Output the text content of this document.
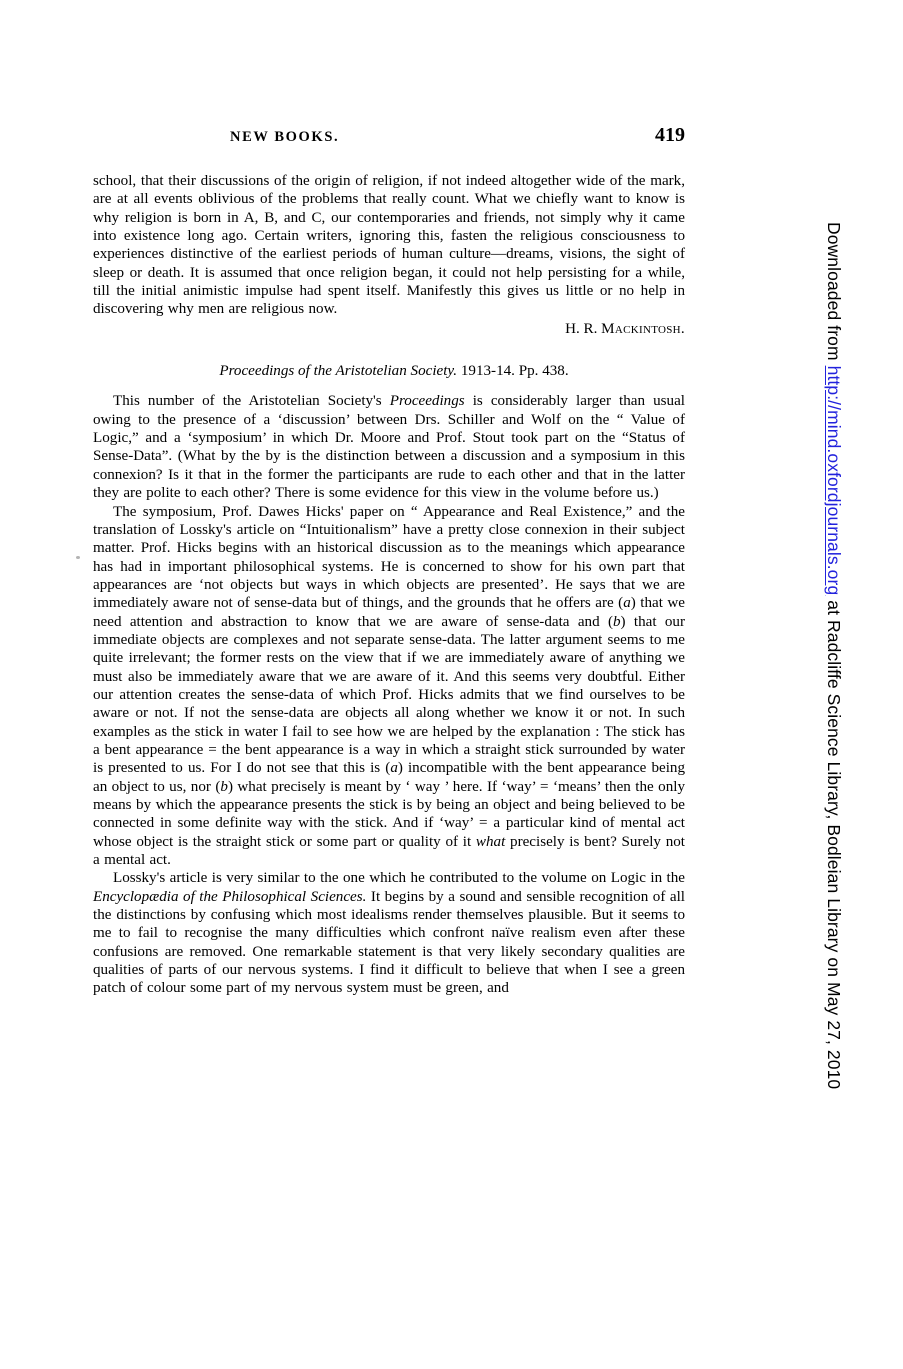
NEW BOOKS.	419

school, that their discussions of the origin of religion, if not indeed altogether wide of the mark, are at all events oblivious of the problems that really count. What we chiefly want to know is why religion is born in A, B, and C, our contemporaries and friends, not simply why it came into existence long ago. Certain writers, ignoring this, fasten the religious consciousness to experiences distinctive of the earliest periods of human culture—dreams, visions, the sight of sleep or death. It is assumed that once religion began, it could not help persisting for a while, till the initial animistic impulse had spent itself. Manifestly this gives us little or no help in discovering why men are religious now.

H. R. Mackintosh.

Proceedings of the Aristotelian Society. 1913-14. Pp. 438.

This number of the Aristotelian Society's Proceedings is considerably larger than usual owing to the presence of a ‘discussion’ between Drs. Schiller and Wolf on the “ Value of Logic,” and a ‘symposium’ in which Dr. Moore and Prof. Stout took part on the “Status of Sense-Data”. (What by the by is the distinction between a discussion and a symposium in this connexion? Is it that in the former the participants are rude to each other and that in the latter they are polite to each other? There is some evidence for this view in the volume before us.)

The symposium, Prof. Dawes Hicks' paper on “ Appearance and Real Existence,” and the translation of Lossky's article on “Intuitionalism” have a pretty close connexion in their subject matter. Prof. Hicks begins with an historical discussion as to the meanings which appearance has had in important philosophical systems. He is concerned to show for his own part that appearances are ‘not objects but ways in which objects are presented’. He says that we are immediately aware not of sense-data but of things, and the grounds that he offers are (a) that we need attention and abstraction to know that we are aware of sense-data and (b) that our immediate objects are complexes and not separate sense-data. The latter argument seems to me quite irrelevant; the former rests on the view that if we are immediately aware of anything we must also be immediately aware that we are aware of it. And this seems very doubtful. Either our attention creates the sense-data of which Prof. Hicks admits that we find ourselves to be aware or not. If not the sense-data are objects all along whether we know it or not. In such examples as the stick in water I fail to see how we are helped by the explanation : The stick has a bent appearance = the bent appearance is a way in which a straight stick surrounded by water is presented to us. For I do not see that this is (a) incompatible with the bent appearance being an object to us, nor (b) what precisely is meant by ‘ way ’ here. If ‘way’ = ‘means’ then the only means by which the appearance presents the stick is by being an object and being believed to be connected in some definite way with the stick. And if ‘way’ = a particular kind of mental act whose object is the straight stick or some part or quality of it what precisely is bent? Surely not a mental act.

Lossky's article is very similar to the one which he contributed to the volume on Logic in the Encyclopædia of the Philosophical Sciences. It begins by a sound and sensible recognition of all the distinctions by confusing which most idealisms render themselves plausible. But it seems to me to fail to recognise the many difficulties which confront naïve realism even after these confusions are removed. One remarkable statement is that very likely secondary qualities are qualities of parts of our nervous systems. I find it difficult to believe that when I see a green patch of colour some part of my nervous system must be green, and

Downloaded from http://mind.oxfordjournals.org at Radcliffe Science Library, Bodleian Library on May 27, 2010
